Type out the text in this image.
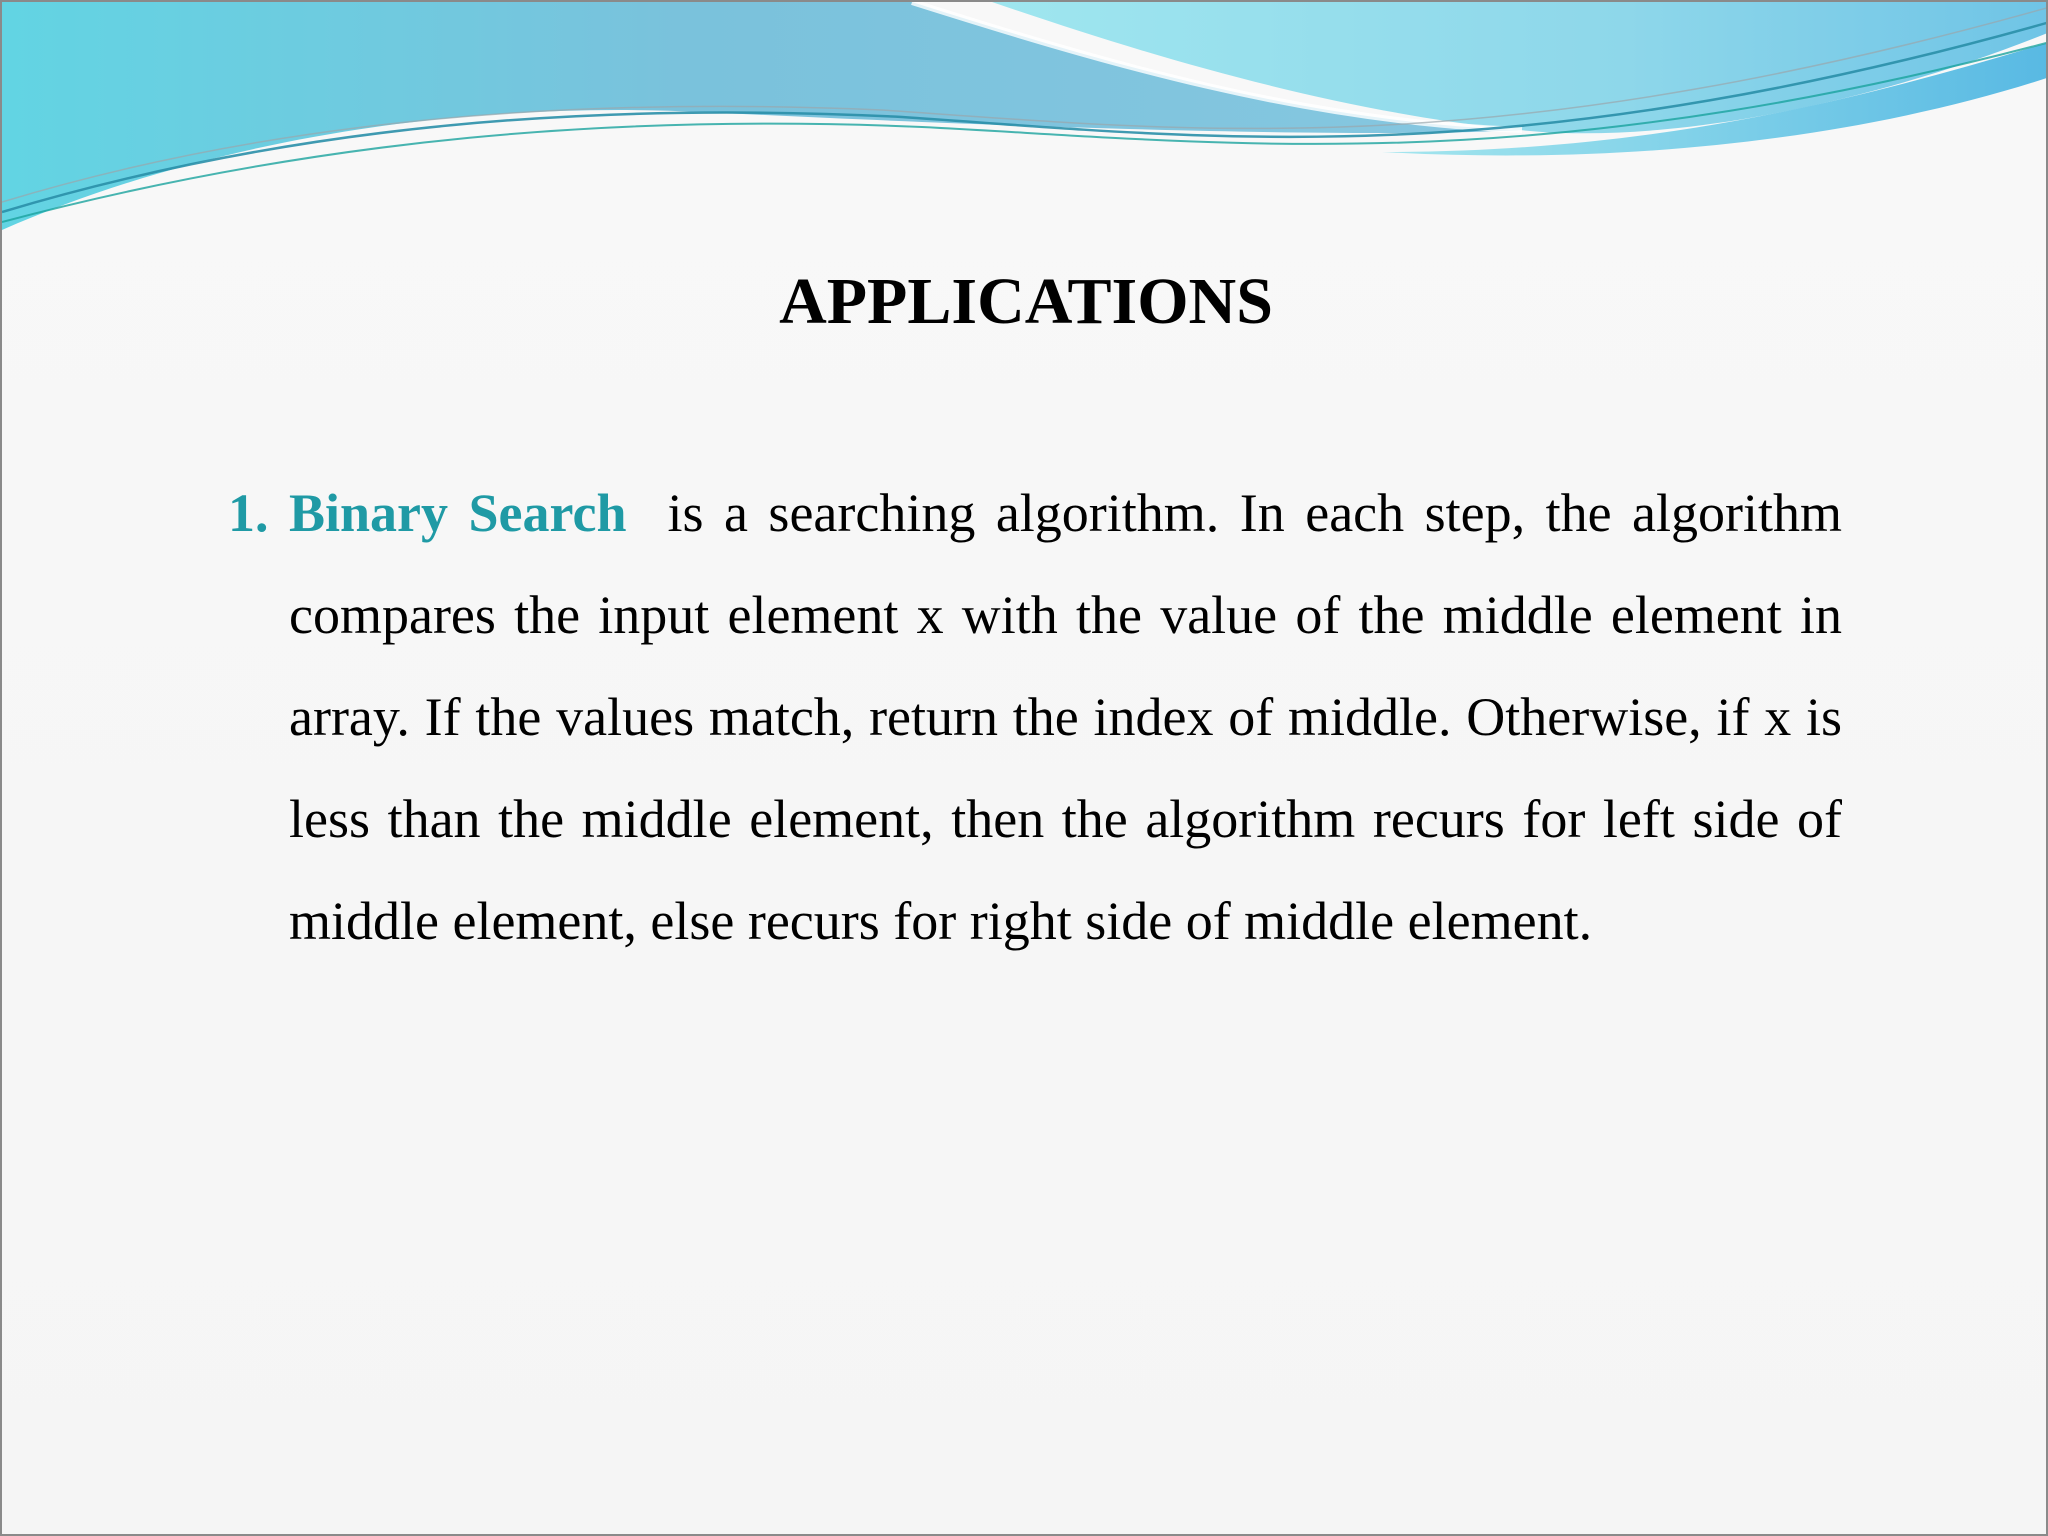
APPLICATIONS

1. Binary Search is a searching algorithm. In each step, the algorithm compares the input element x with the value of the middle element in array. If the values match, return the index of middle. Otherwise, if x is less than the middle element, then the algorithm recurs for left side of middle element, else recurs for right side of middle element.
